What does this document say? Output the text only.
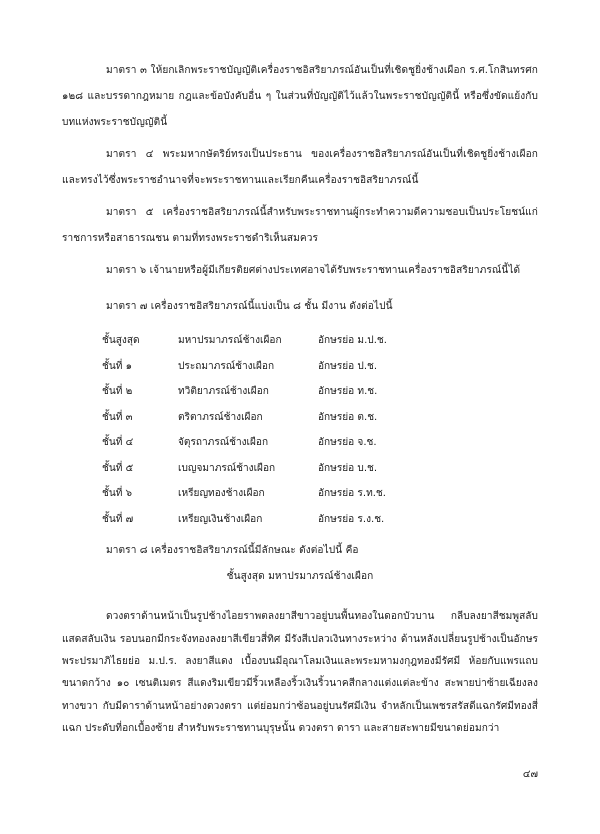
มาตรา ๓ ให้ยกเลิกพระราชบัญญัติเครื่องราชอิสริยาภรณ์อันเป็นที่เชิดชูยิ่งช้างเผือก ร.ศ.โกสินทรศก ๑๒๘ และบรรดากฎหมาย กฎและข้อบังคับอื่น ๆ ในส่วนที่บัญญัติไว้แล้วในพระราชบัญญัตินี้ หรือซึ่งขัดแย้งกับบทแห่งพระราชบัญญัตินี้

มาตรา ๔ พระมหากษัตริย์ทรงเป็นประธาน ของเครื่องราชอิสริยาภรณ์อันเป็นที่เชิดชูยิ่งช้างเผือก และทรงไว้ซึ่งพระราชอำนาจที่จะพระราชทานและเรียกคืนเครื่องราชอิสริยาภรณ์นี้

มาตรา ๕ เครื่องราชอิสริยาภรณ์นี้สำหรับพระราชทานผู้กระทำความดีความชอบเป็นประโยชน์แก่ราชการหรือสาธารณชน ตามที่ทรงพระราชดำริเห็นสมควร

มาตรา ๖ เจ้านายหรือผู้มีเกียรติยศต่างประเทศอาจได้รับพระราชทานเครื่องราชอิสริยาภรณ์นี้ได้

มาตรา ๗ เครื่องราชอิสริยาภรณ์นี้แบ่งเป็น ๘ ชั้น มีงาน ดังต่อไปนี้

ชั้นสูงสุด	มหาปรมาภรณ์ช้างเผือก	อักษรย่อ ม.ป.ช.
ชั้นที่ ๑	ประถมาภรณ์ช้างเผือก	อักษรย่อ ป.ช.
ชั้นที่ ๒	ทวิติยาภรณ์ช้างเผือก	อักษรย่อ ท.ช.
ชั้นที่ ๓	ตริตาภรณ์ช้างเผือก	อักษรย่อ ต.ช.
ชั้นที่ ๔	จัตุรถาภรณ์ช้างเผือก	อักษรย่อ จ.ช.
ชั้นที่ ๕	เบญจมาภรณ์ช้างเผือก	อักษรย่อ บ.ช.
ชั้นที่ ๖	เหรียญทองช้างเผือก	อักษรย่อ ร.ท.ช.
ชั้นที่ ๗	เหรียญเงินช้างเผือก	อักษรย่อ ร.ง.ช.

มาตรา ๘ เครื่องราชอิสริยาภรณ์นี้มีลักษณะ ดังต่อไปนี้ คือ

ชั้นสูงสุด มหาปรมาภรณ์ช้างเผือก

ดวงตราด้านหน้าเป็นรูปช้างไอยราพตลงยาสีขาวอยู่บนพื้นทองในดอกบัวบาน กลีบลงยาสีชมพูสลับแสดสลับเงิน รอบนอกมีกระจังทองลงยาสีเขียวสี่ทิศ มีรังสีเปลวเงินทางระหว่าง ด้านหลังเปลี่ยนรูปช้างเป็นอักษรพระปรมาภิไธยย่อ ม.ป.ร. ลงยาสีแดง เบื้องบนมีอุณาโลมเงินและพระมหามงกุฎทองมีรัศมี ห้อยกับแพรแถบขนาดกว้าง ๑๐ เซนติเมตร สีแดงริมเขียวมีริ้วเหลืองริ้วเงินริ้วนาคสีกลางแต่งแต่ละข้าง สะพายบ่าซ้ายเฉียงลงทางขวา กับมีดาราด้านหน้าอย่างดวงตรา แต่ย่อมกว่าซ้อนอยู่บนรัศมีเงิน จำหลักเป็นเพชรสรัสดีแฉกรัศมีทองสี่แฉก ประดับที่อกเบื้องซ้าย สำหรับพระราชทานบุรุษนั้น ดวงตรา ดารา และสายสะพายมีขนาดย่อมกว่า

๔๗
